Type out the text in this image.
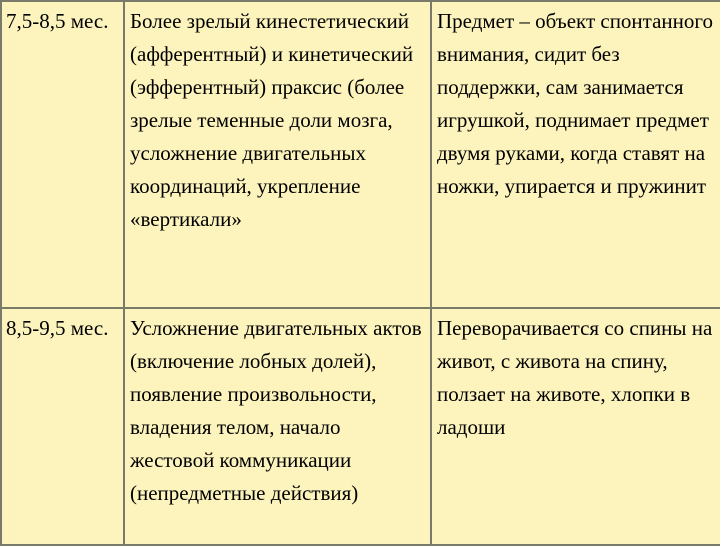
7,5-8,5 мес.	Более зрелый кинестетический (афферентный) и кинетический (эфферентный) праксис (более зрелые теменные доли мозга, усложнение двигательных координаций, укрепление «вертикали»	Предмет – объект спонтанного внимания, сидит без поддержки, сам занимается игрушкой, поднимает предмет двумя руками, когда ставят на ножки, упирается и пружинит
8,5-9,5 мес.	Усложнение двигательных актов (включение лобных долей), появление произвольности, владения телом, начало жестовой коммуникации (непредметные действия)	Переворачивается со спины на живот, с живота на спину, ползает на животе, хлопки в ладоши
